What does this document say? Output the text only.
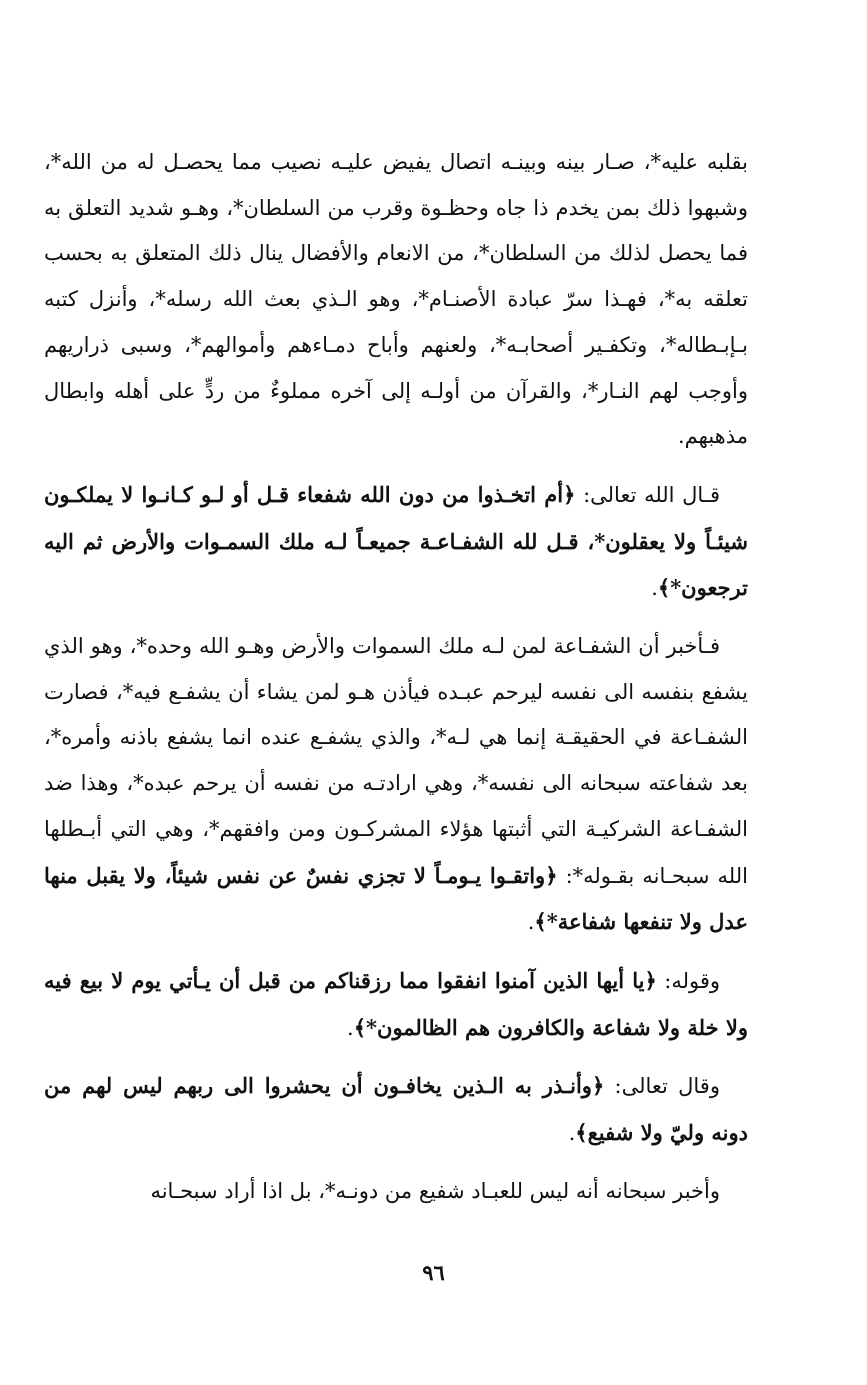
بقلبه عليه*، صـار بينه وبينـه اتصال يفيض عليـه نصيب مما يحصـل له من الله*، وشبهوا ذلك بمن يخدم ذا جاه وحظـوة وقرب من السلطان*، وهـو شديد التعلق به فما يحصل لذلك من السلطان*، من الانعام والأفضال ينال ذلك المتعلق به بحسب تعلقه به*، فهـذا سرّ عبادة الأصنـام*، وهو الـذي بعث الله رسله*، وأنزل كتبه بـإبـطاله*، وتكفـير أصحابـه*، ولعنهم وأباح دمـاءهم وأموالهم*، وسبى ذراريهم وأوجب لهم النـار*، والقرآن من أولـه إلى آخره مملوءٌ من ردٍّ على أهله وابطال مذهبهم.

قـال الله تعالى: ﴿أم اتخـذوا من دون الله شفعاء قـل أو لـو كـانـوا لا يملكـون شيئـاً ولا يعقلون*، قـل لله الشفـاعـة جميعـاً لـه ملك السمـوات والأرض ثم اليه ترجعون*﴾.

فـأخبر أن الشفـاعة لمن لـه ملك السموات والأرض وهـو الله وحده*، وهو الذي يشفع بنفسه الى نفسه ليرحم عبـده فيأذن هـو لمن يشاء أن يشفـع فيه*، فصارت الشفـاعة في الحقيقـة إنما هي لـه*، والذي يشفـع عنده انما يشفع باذنه وأمره*، بعد شفاعته سبحانه الى نفسه*، وهي ارادتـه من نفسه أن يرحم عبده*، وهذا ضد الشفـاعة الشركيـة التي أثبتها هؤلاء المشركـون ومن وافقهم*، وهي التي أبـطلها الله سبحـانه بقـوله*: ﴿واتقـوا يـومـاً لا تجزي نفسٌ عن نفس شيئاً، ولا يقبل منها عدل ولا تنفعها شفاعة*﴾.

وقوله: ﴿يا أيها الذين آمنوا انفقوا مما رزقناكم من قبل أن يـأتي يوم لا بيع فيه ولا خلة ولا شفاعة والكافرون هم الظالمون*﴾.

وقال تعالى: ﴿وأنـذر به الـذين يخافـون أن يحشروا الى ربهم ليس لهم من دونه وليّ ولا شفيع﴾.

وأخبر سبحانه أنه ليس للعبـاد شفيع من دونـه*، بل اذا أراد سبحـانه

٩٦
